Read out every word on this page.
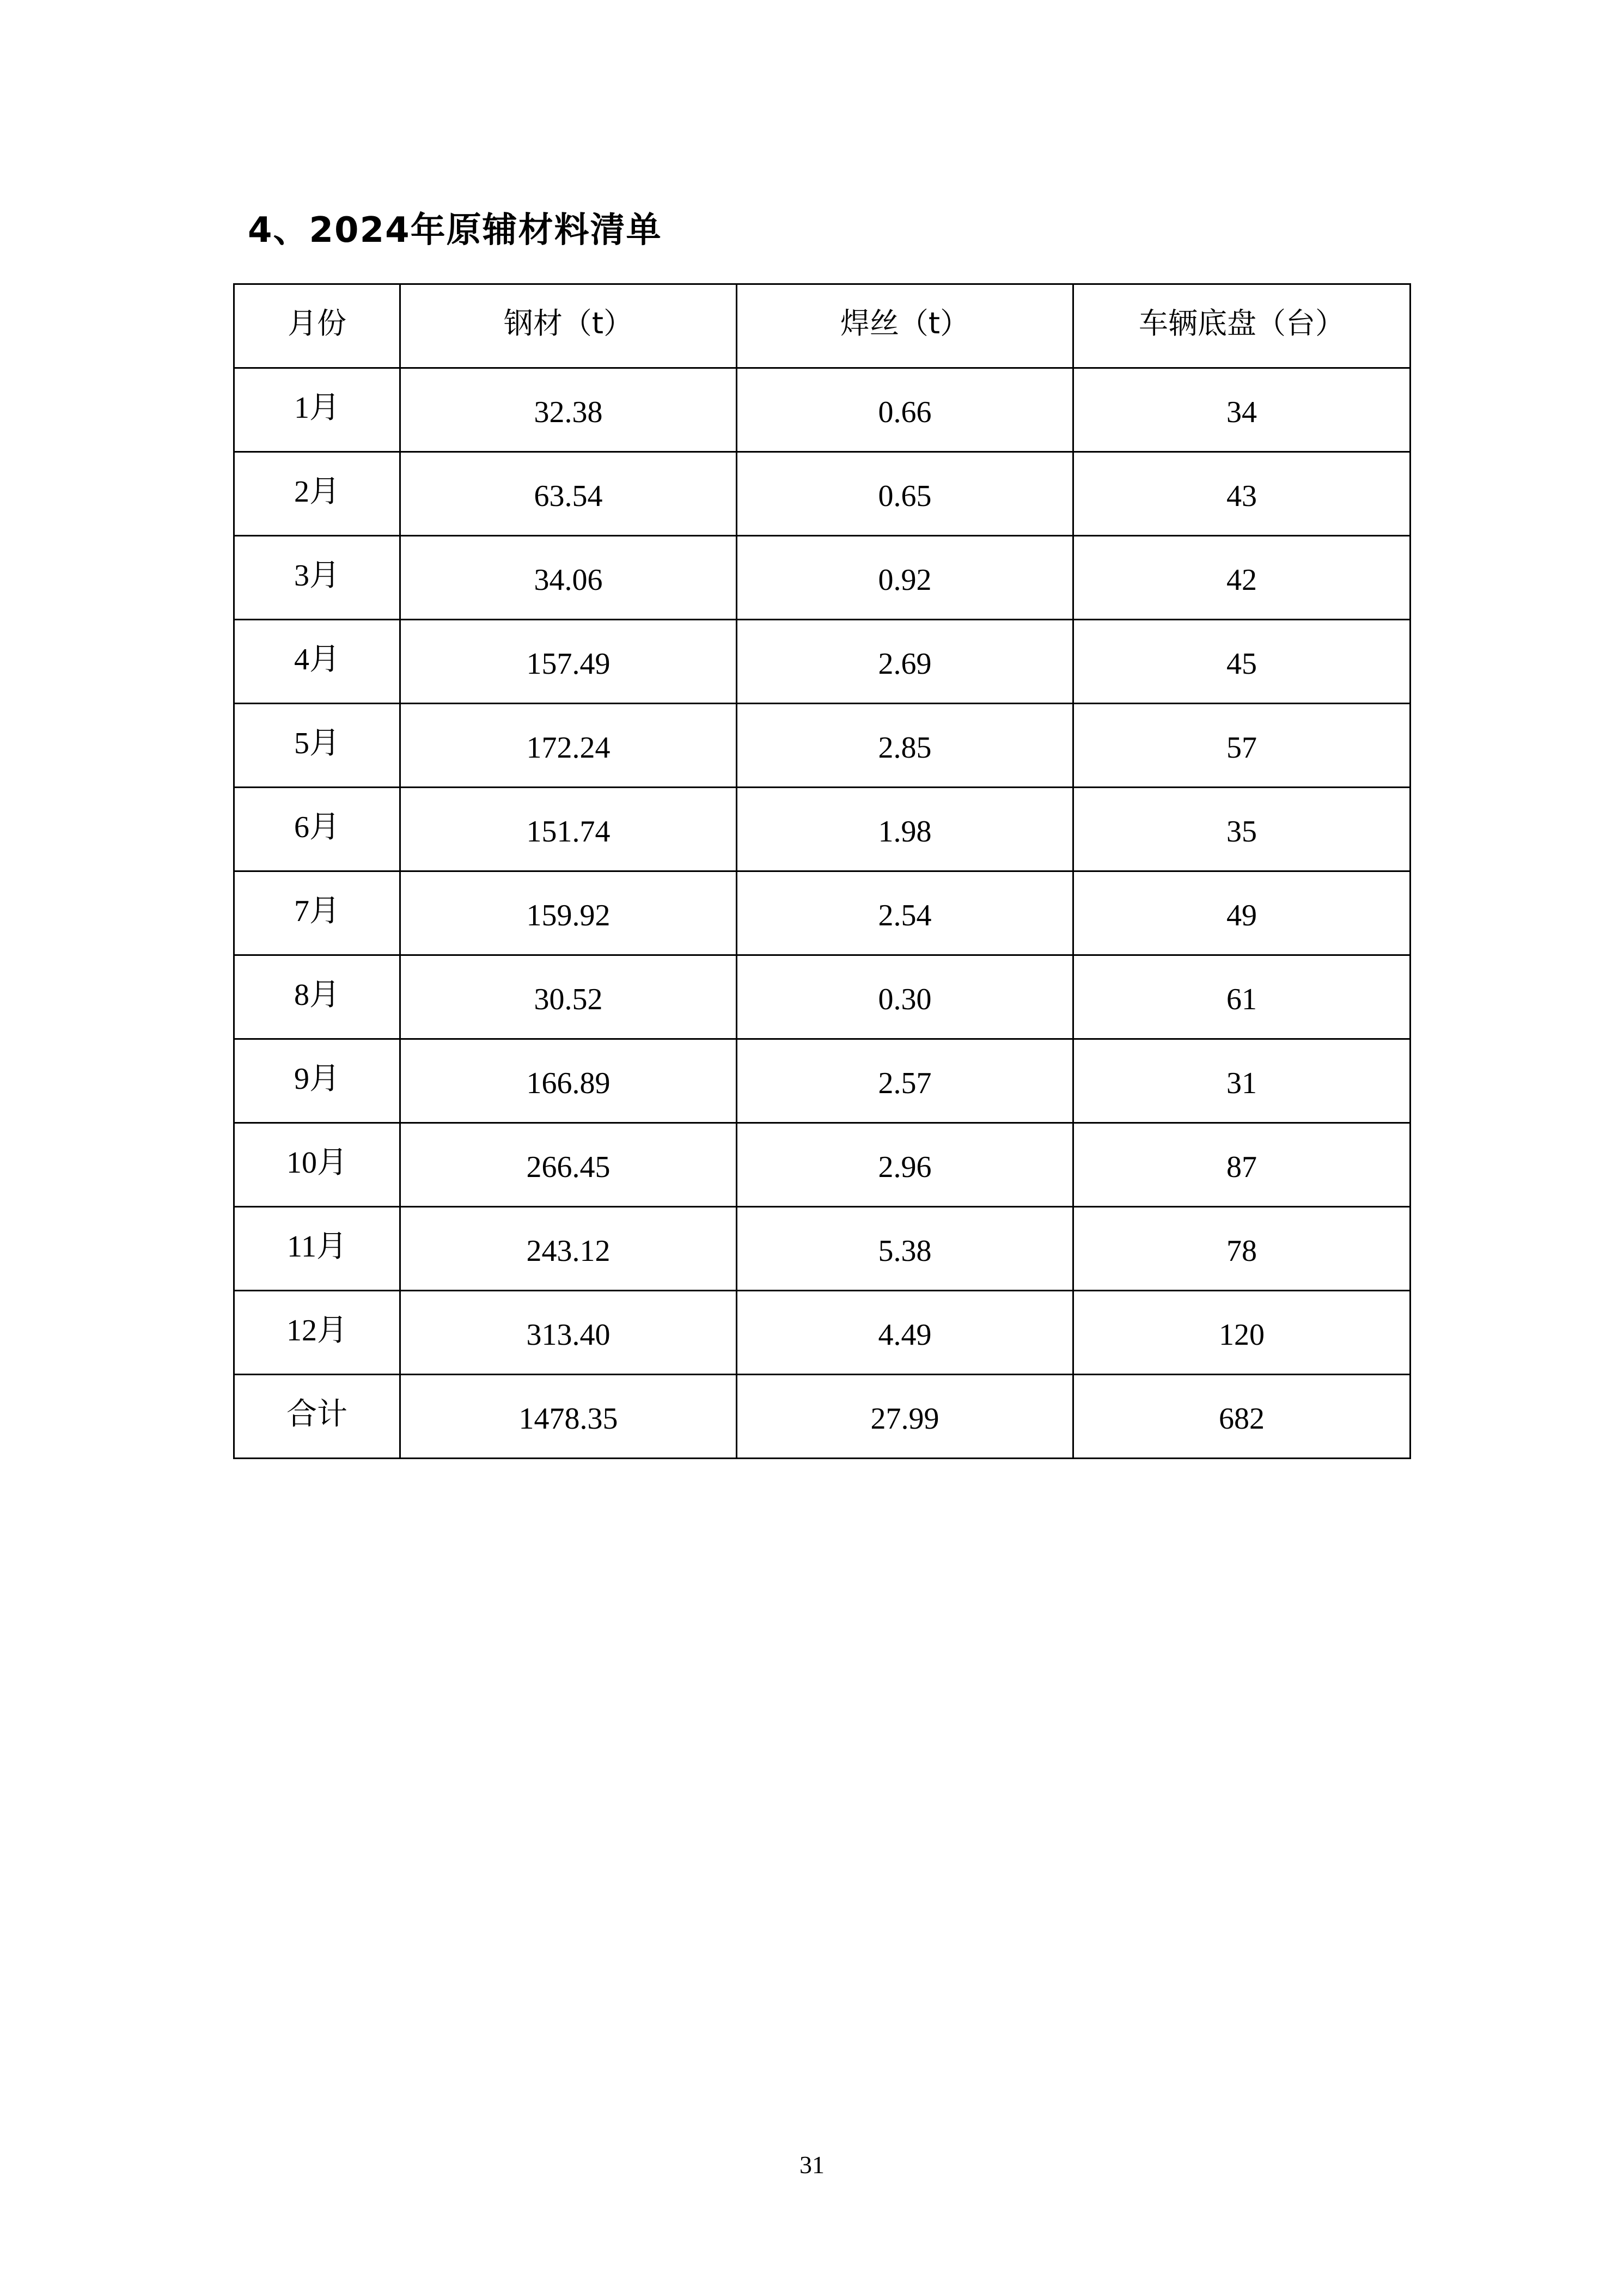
4、2024年原辅材料清单
月份	钢材（t）	焊丝（t）	车辆底盘（台）
1月	32.38	0.66	34
2月	63.54	0.65	43
3月	34.06	0.92	42
4月	157.49	2.69	45
5月	172.24	2.85	57
6月	151.74	1.98	35
7月	159.92	2.54	49
8月	30.52	0.30	61
9月	166.89	2.57	31
10月	266.45	2.96	87
11月	243.12	5.38	78
12月	313.40	4.49	120
合计	1478.35	27.99	682
31
